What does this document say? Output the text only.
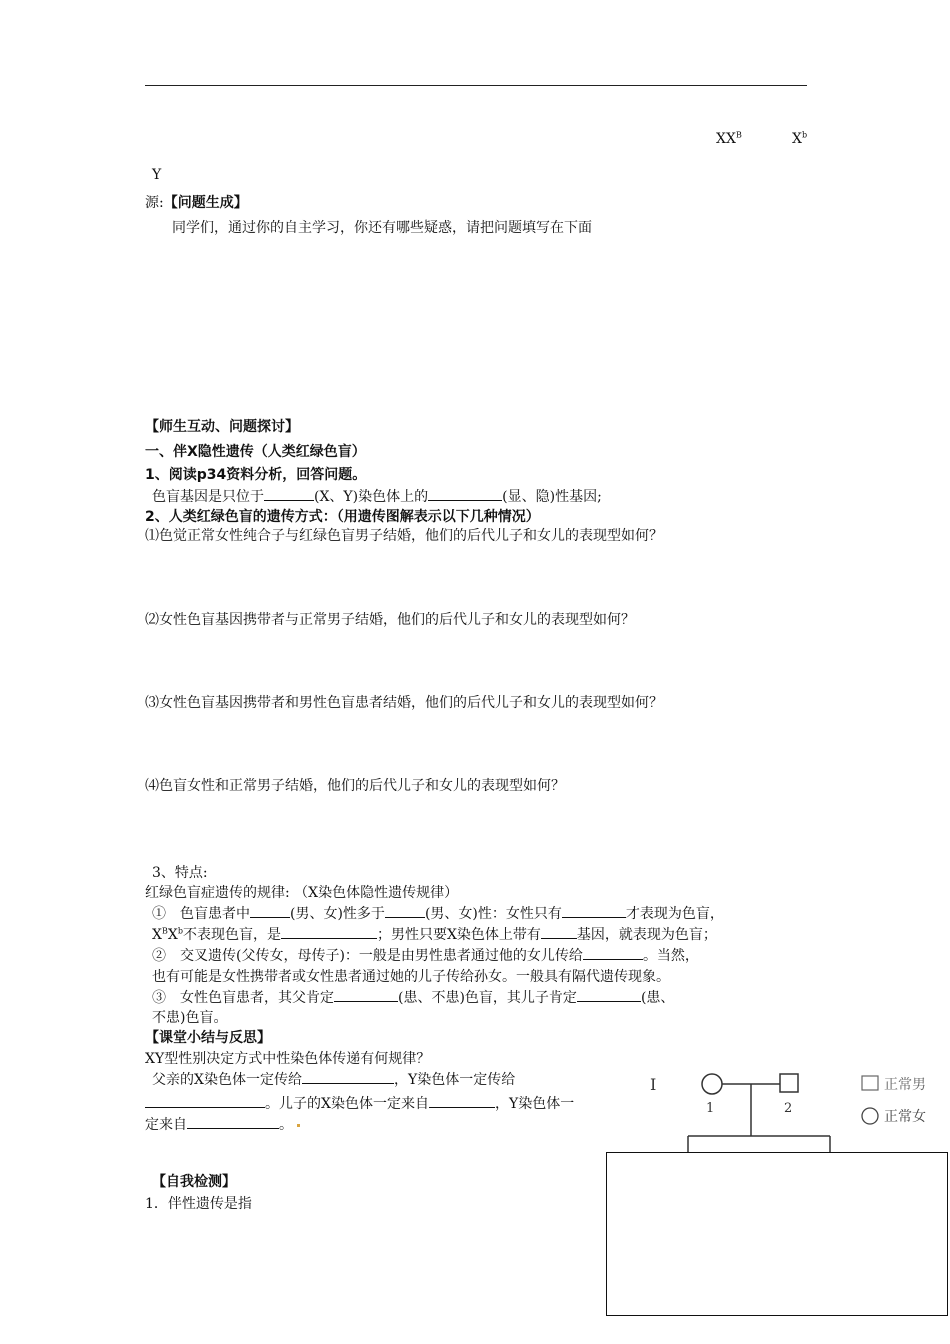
$XX^B$	$X^b$
Y
源:【问题生成】
同学们，通过你的自主学习，你还有哪些疑惑，请把问题填写在下面
【师生互动、问题探讨】
一、伴X隐性遗传（人类红绿色盲）
1、阅读p34资料分析，回答问题。
色盲基因是只位于	(X、Y)染色体上的	(显、隐)性基因;
2、人类红绿色盲的遗传方式：（用遗传图解表示以下几种情况）
⑴色觉正常女性纯合子与红绿色盲男子结婚，他们的后代儿子和女儿的表现型如何？
⑵女性色盲基因携带者与正常男子结婚，他们的后代儿子和女儿的表现型如何？
⑶女性色盲基因携带者和男性色盲患者结婚，他们的后代儿子和女儿的表现型如何？
⑷色盲女性和正常男子结婚，他们的后代儿子和女儿的表现型如何？
3、特点:
红绿色盲症遗传的规律: （X染色体隐性遗传规律）
①　色盲患者中	(男、女)性多于	(男、女)性：女性只有	才表现为色盲，
$X^BX^b$不表现色盲，是	；男性只要X染色体上带有	基因，就表现为色盲；
②　交叉遗传(父传女，母传子)：一般是由男性患者通过他的女儿传给	。当然，
也有可能是女性携带者或女性患者通过她的儿子传给孙女。一般具有隔代遗传现象。
③　女性色盲患者，其父肯定	(患、不患)色盲，其儿子肯定	(患、
不患)色盲。
【课堂小结与反思】
XY型性别决定方式中性染色体传递有何规律？
父亲的X染色体一定传给	，Y染色体一定传给
。儿子的X染色体一定来自	，Y染色体一
定来自	。
【自我检测】
1．伴性遗传是指
I
1	2
正常男
正常女
